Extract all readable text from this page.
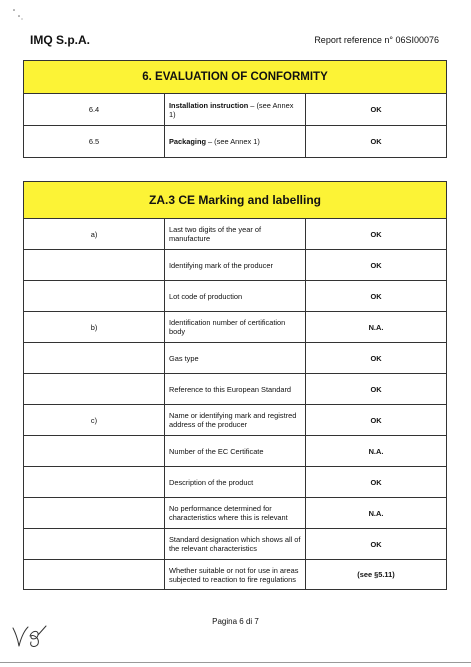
IMQ S.p.A.	Report reference n° 06SI00076
6. EVALUATION OF CONFORMITY		
6.4	Installation instruction – (see Annex 1)	OK
6.5	Packaging – (see Annex 1)	OK
ZA.3 CE Marking and labelling		
a)	Last two digits of the year of manufacture	OK
	Identifying mark of the producer	OK
	Lot code of production	OK
b)	Identification number of certification body	N.A.
	Gas type	OK
	Reference to this European Standard	OK
c)	Name or identifying mark and registred address of the producer	OK
	Number of the EC Certificate	N.A.
	Description of the product	OK
	No performance determined for characteristics where this is relevant	N.A.
	Standard designation which shows all of the relevant characteristics	OK
	Whether suitable or not for use in areas subjected to reaction to fire regulations	(see §5.11)
Pagina 6 di 7
